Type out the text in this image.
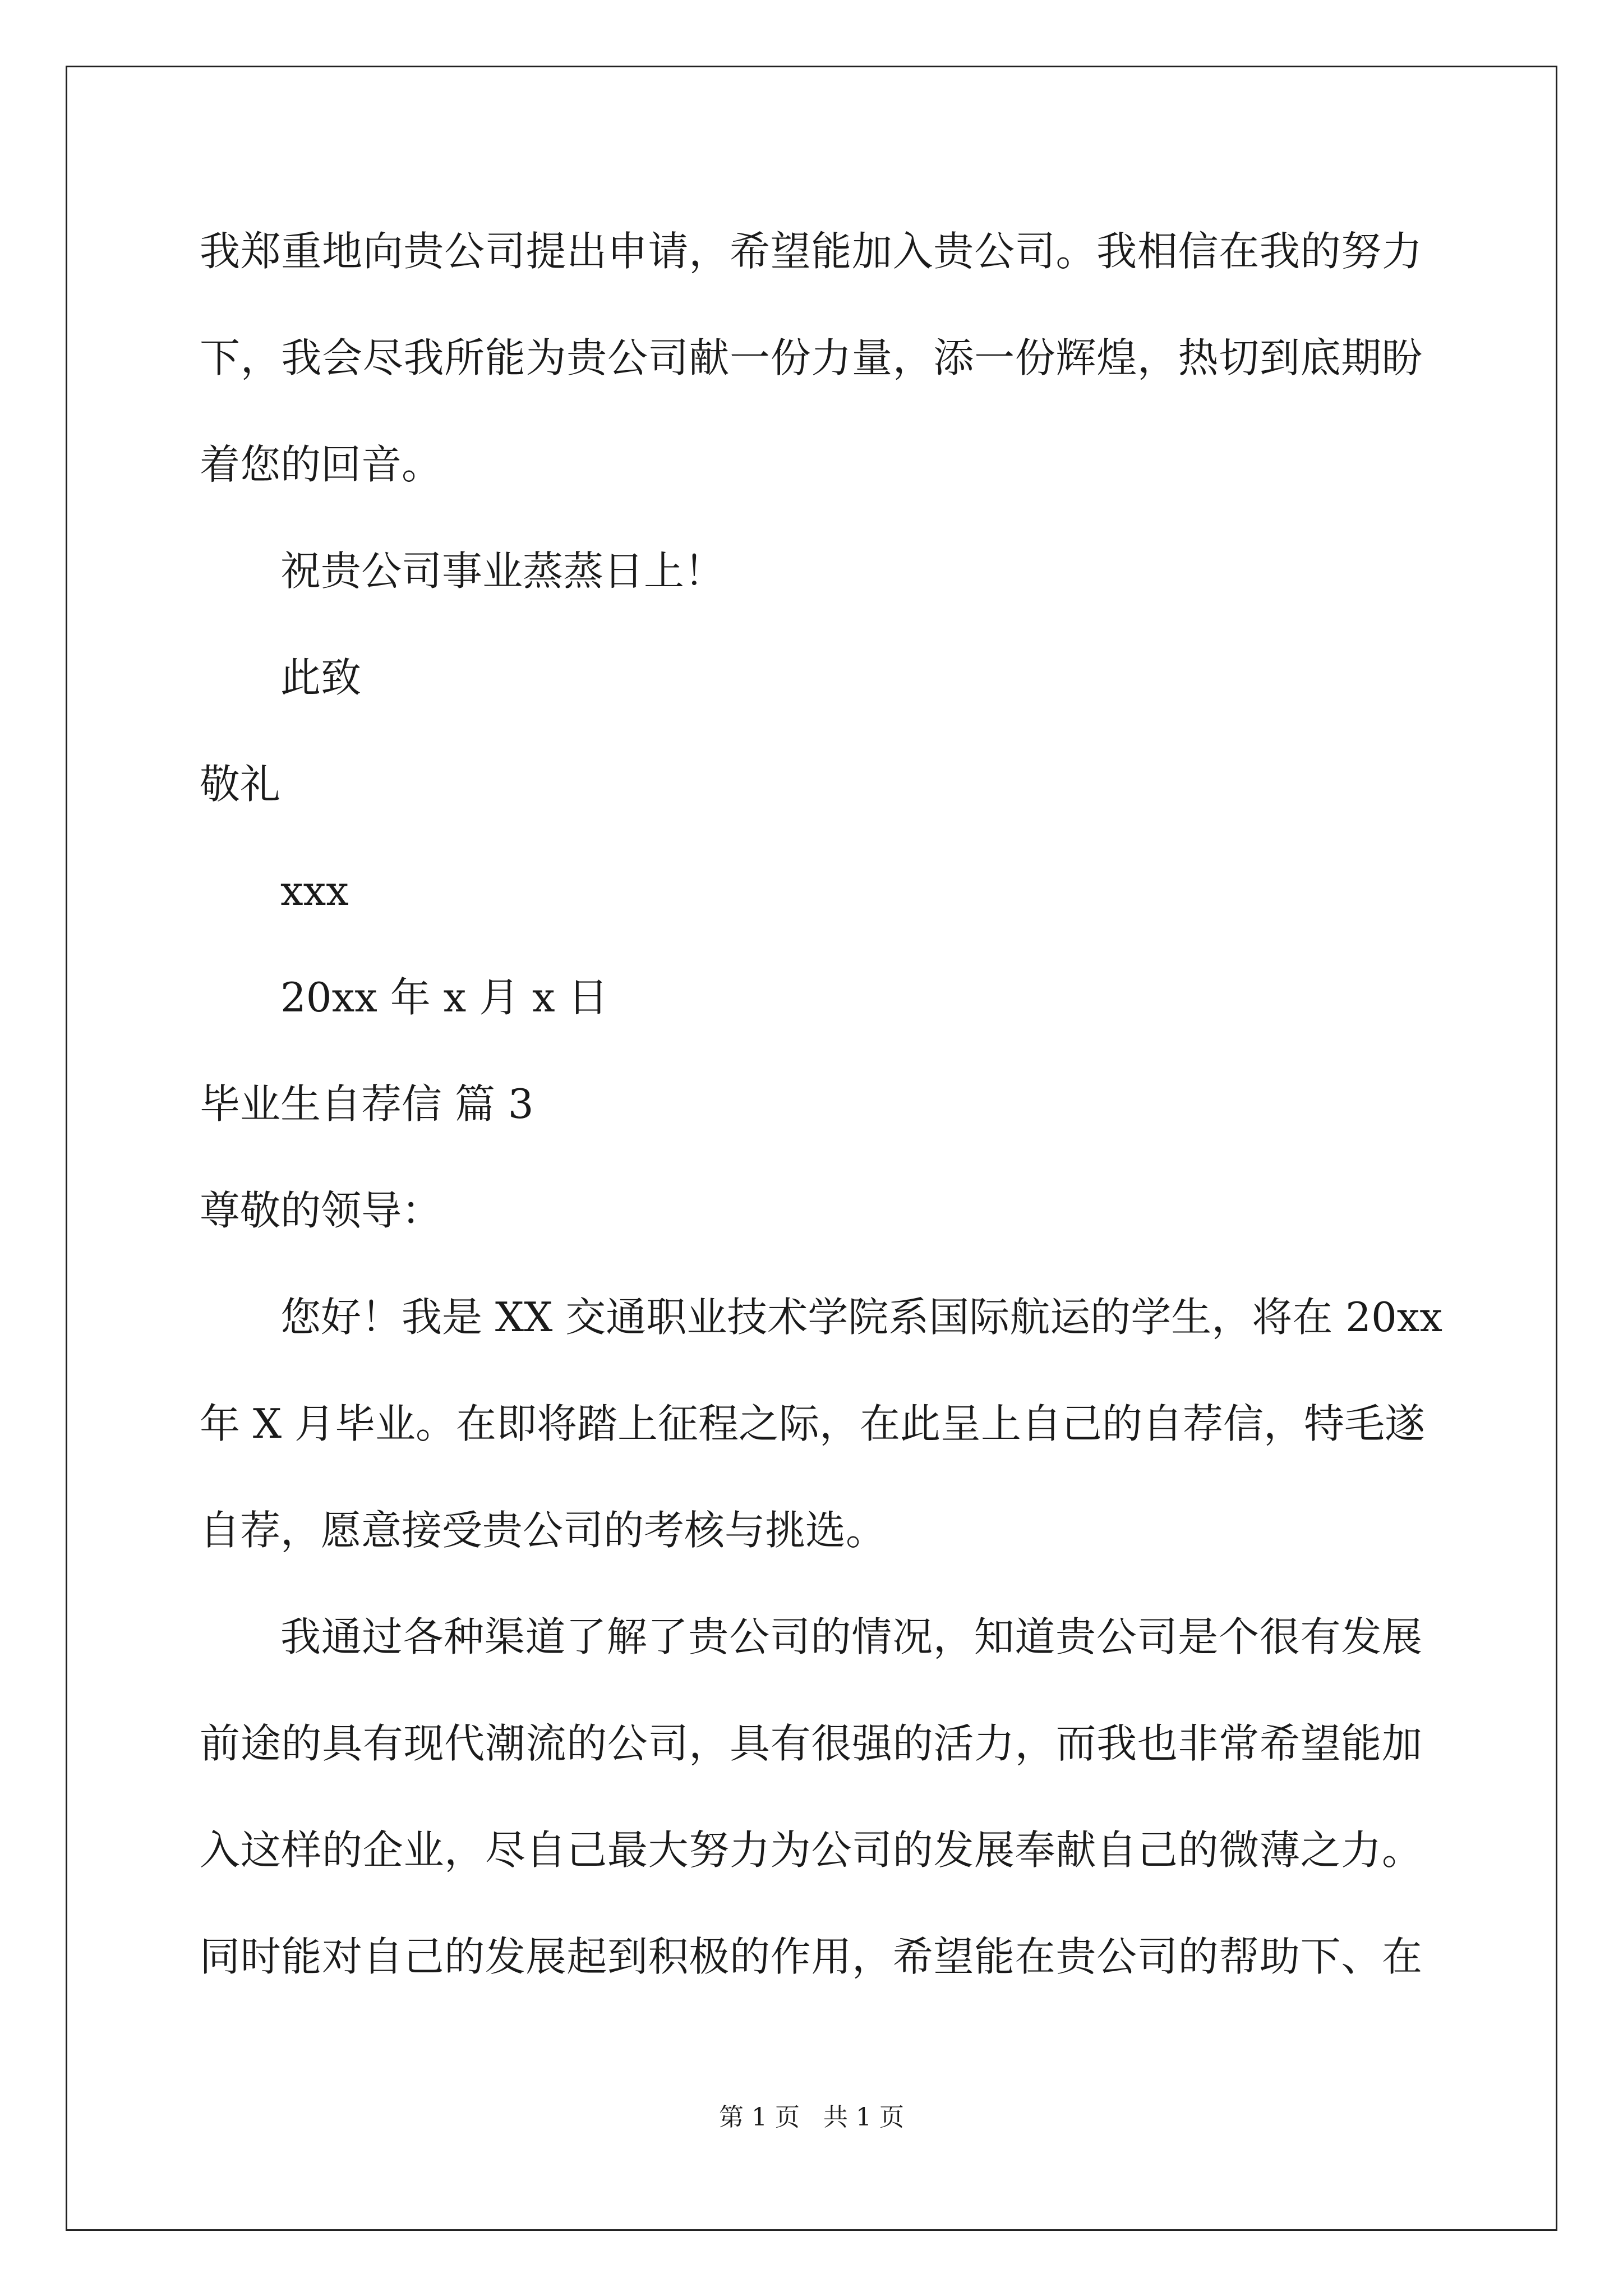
我郑重地向贵公司提出申请，希望能加入贵公司。我相信在我的努力
下，我会尽我所能为贵公司献一份力量，添一份辉煌，热切到底期盼
着您的回音。
祝贵公司事业蒸蒸日上！
此致
敬礼
xxx
20xx 年 x 月 x 日
毕业生自荐信 篇 3
尊敬的领导：
您好！我是 XX 交通职业技术学院系国际航运的学生，将在 20xx
年 X 月毕业。在即将踏上征程之际，在此呈上自己的自荐信，特毛遂
自荐，愿意接受贵公司的考核与挑选。
我通过各种渠道了解了贵公司的情况，知道贵公司是个很有发展
前途的具有现代潮流的公司，具有很强的活力，而我也非常希望能加
入这样的企业，尽自己最大努力为公司的发展奉献自己的微薄之力。
同时能对自己的发展起到积极的作用，希望能在贵公司的帮助下、在
第 1 页   共 1 页
